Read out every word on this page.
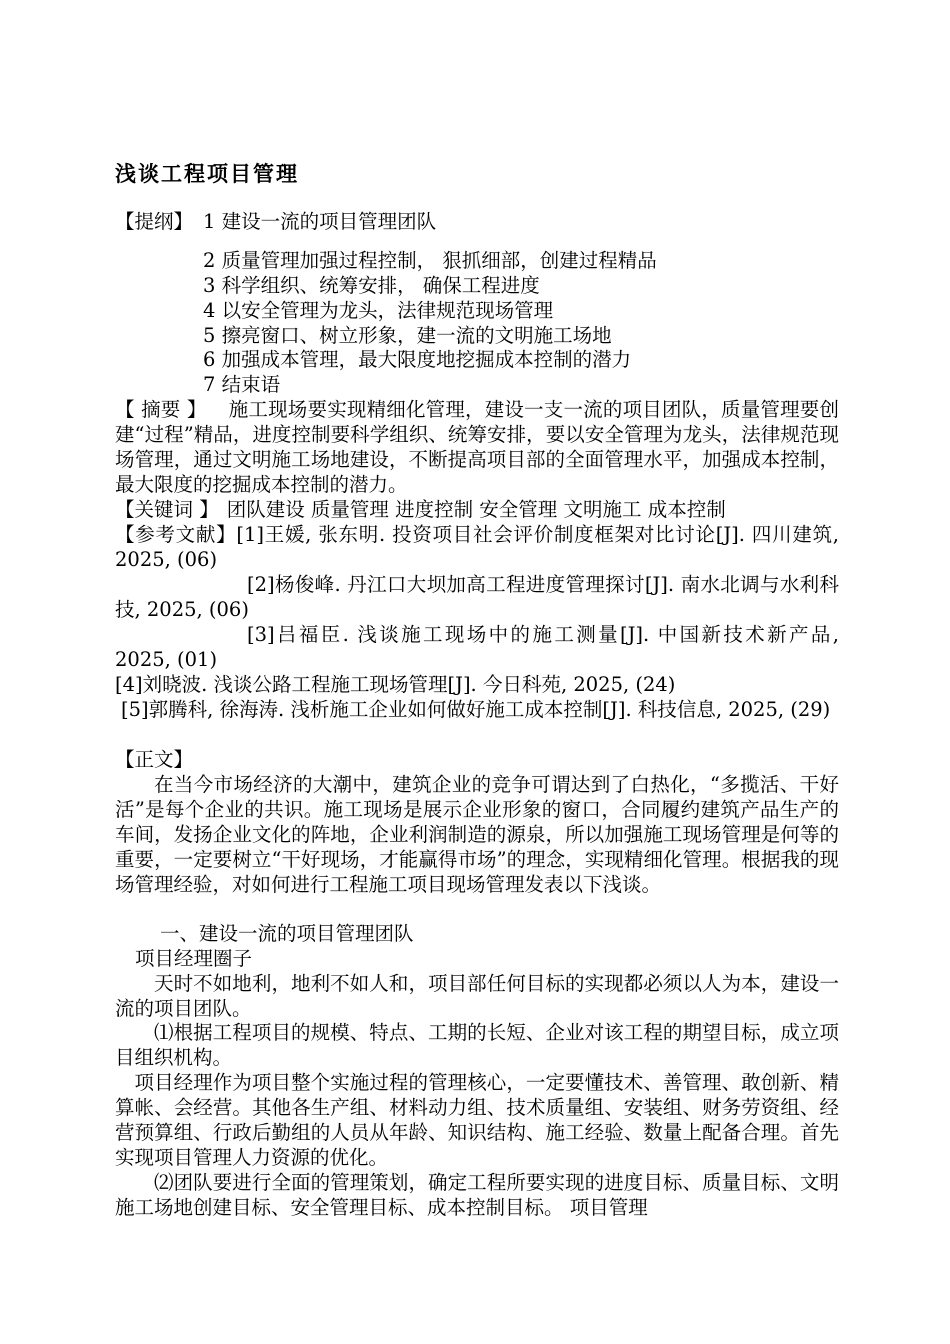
浅谈工程项目管理
【提纲】 1 建设一流的项目管理团队
2 质量管理加强过程控制， 狠抓细部，创建过程精品
3 科学组织、统筹安排， 确保工程进度
4 以安全管理为龙头，法律规范现场管理
5 擦亮窗口、树立形象，建一流的文明施工场地
6 加强成本管理，最大限度地挖掘成本控制的潜力
7 结束语
【 摘要 】 施工现场要实现精细化管理，建设一支一流的项目团队，质量管理要创建“过程”精品，进度控制要科学组织、统筹安排，要以安全管理为龙头，法律规范现场管理，通过文明施工场地建设，不断提高项目部的全面管理水平，加强成本控制，最大限度的挖掘成本控制的潜力。
【关键词 】 团队建设 质量管理 进度控制 安全管理 文明施工 成本控制
【参考文献】[1]王媛, 张东明. 投资项目社会评价制度框架对比讨论[J]. 四川建筑, 2025, (06)
[2]杨俊峰. 丹江口大坝加高工程进度管理探讨[J]. 南水北调与水利科技, 2025, (06)
[3]吕福臣. 浅谈施工现场中的施工测量[J]. 中国新技术新产品, 2025, (01)
[4]刘晓波. 浅谈公路工程施工现场管理[J]. 今日科苑, 2025, (24)
[5]郭腾科, 徐海涛. 浅析施工企业如何做好施工成本控制[J]. 科技信息, 2025, (29)
【正文】
在当今市场经济的大潮中，建筑企业的竞争可谓达到了白热化，“多揽活、干好活”是每个企业的共识。施工现场是展示企业形象的窗口，合同履约建筑产品生产的车间，发扬企业文化的阵地，企业利润制造的源泉，所以加强施工现场管理是何等的重要，一定要树立“干好现场，才能赢得市场”的理念，实现精细化管理。根据我的现场管理经验，对如何进行工程施工项目现场管理发表以下浅谈。
一、建设一流的项目管理团队
项目经理圈子
天时不如地利，地利不如人和，项目部任何目标的实现都必须以人为本，建设一流的项目团队。
⑴根据工程项目的规模、特点、工期的长短、企业对该工程的期望目标，成立项目组织机构。
项目经理作为项目整个实施过程的管理核心，一定要懂技术、善管理、敢创新、精算帐、会经营。其他各生产组、材料动力组、技术质量组、安装组、财务劳资组、经营预算组、行政后勤组的人员从年龄、知识结构、施工经验、数量上配备合理。首先实现项目管理人力资源的优化。
⑵团队要进行全面的管理策划，确定工程所要实现的进度目标、质量目标、文明施工场地创建目标、安全管理目标、成本控制目标。 项目管理
